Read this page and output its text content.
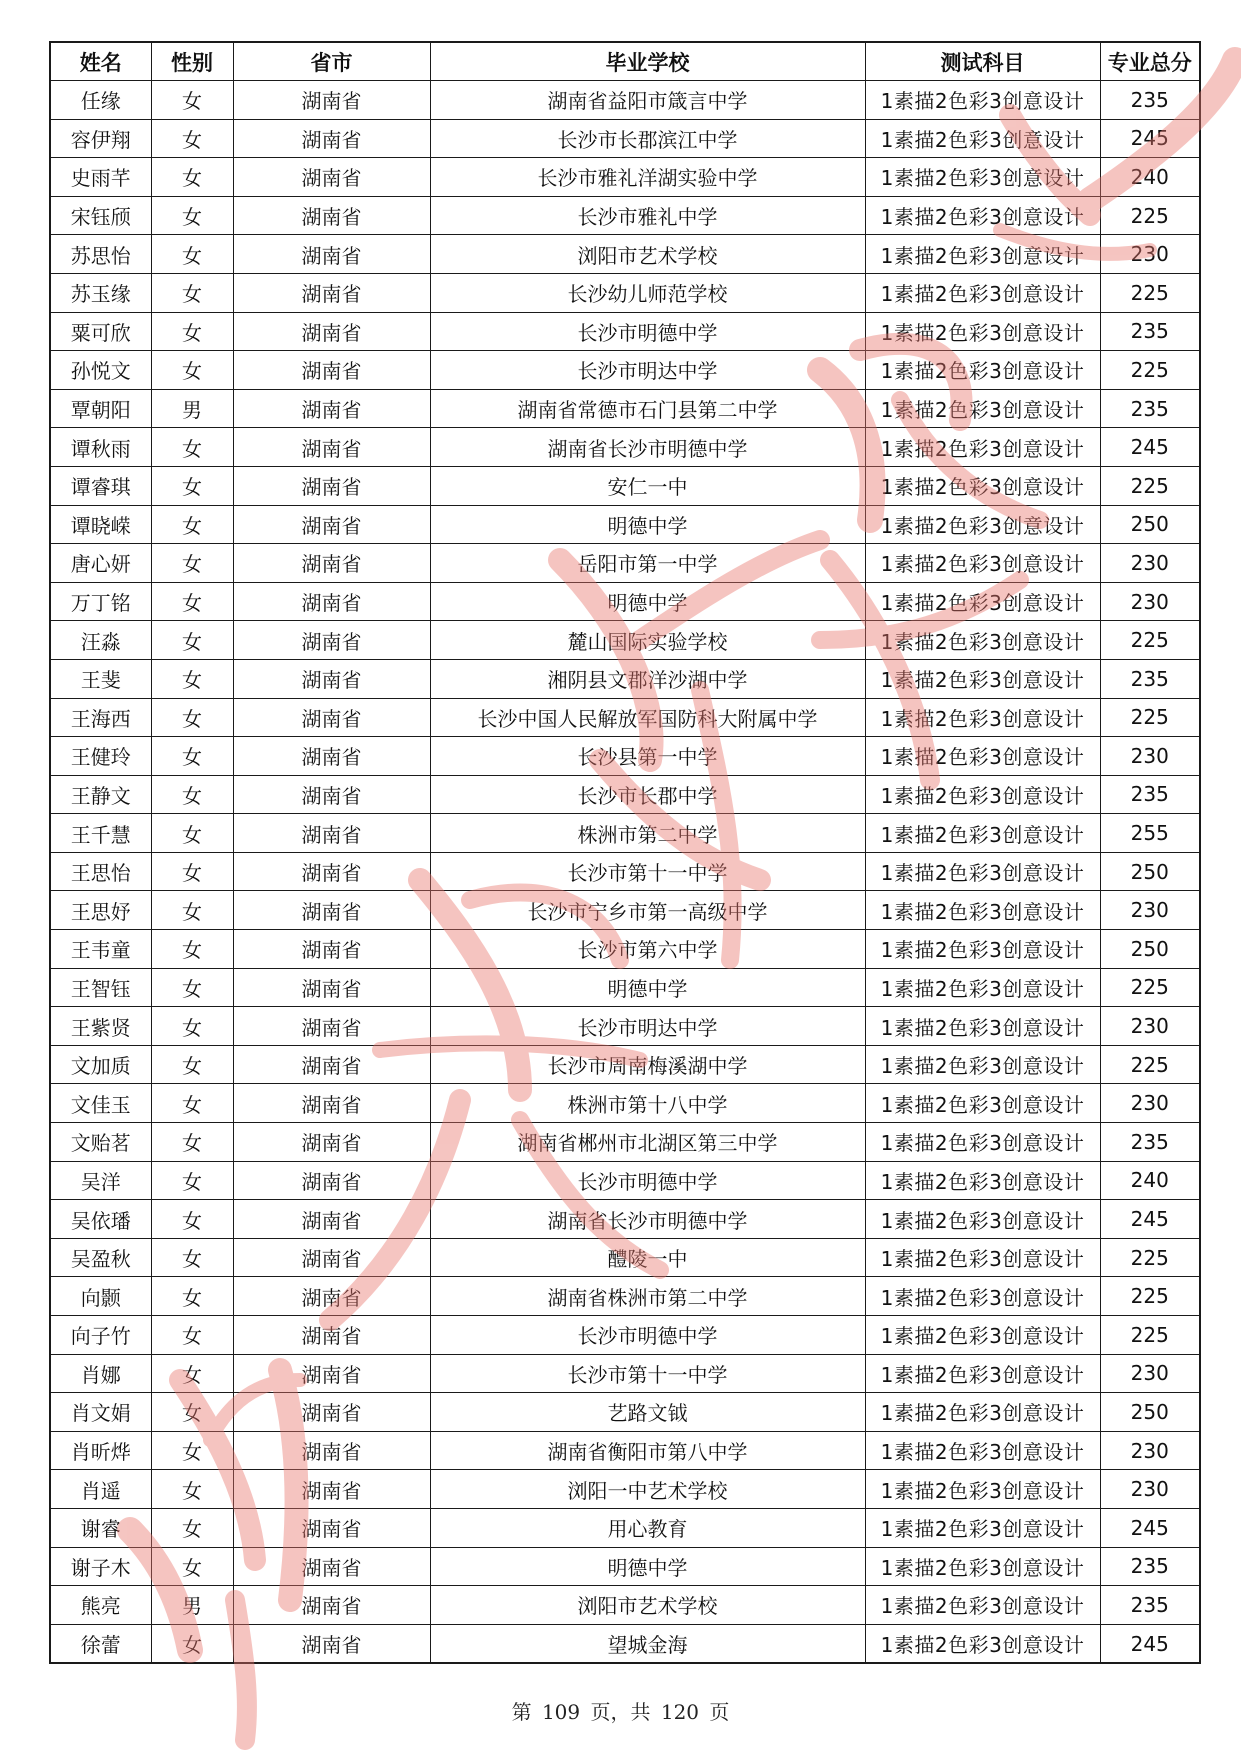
姓名	性别	省市	毕业学校	测试科目	专业总分
任缘	女	湖南省	湖南省益阳市箴言中学	1素描2色彩3创意设计	235
容伊翔	女	湖南省	长沙市长郡滨江中学	1素描2色彩3创意设计	245
史雨芊	女	湖南省	长沙市雅礼洋湖实验中学	1素描2色彩3创意设计	240
宋钰颀	女	湖南省	长沙市雅礼中学	1素描2色彩3创意设计	225
苏思怡	女	湖南省	浏阳市艺术学校	1素描2色彩3创意设计	230
苏玉缘	女	湖南省	长沙幼儿师范学校	1素描2色彩3创意设计	225
粟可欣	女	湖南省	长沙市明德中学	1素描2色彩3创意设计	235
孙悦文	女	湖南省	长沙市明达中学	1素描2色彩3创意设计	225
覃朝阳	男	湖南省	湖南省常德市石门县第二中学	1素描2色彩3创意设计	235
谭秋雨	女	湖南省	湖南省长沙市明德中学	1素描2色彩3创意设计	245
谭睿琪	女	湖南省	安仁一中	1素描2色彩3创意设计	225
谭晓嵘	女	湖南省	明德中学	1素描2色彩3创意设计	250
唐心妍	女	湖南省	岳阳市第一中学	1素描2色彩3创意设计	230
万丁铭	女	湖南省	明德中学	1素描2色彩3创意设计	230
汪淼	女	湖南省	麓山国际实验学校	1素描2色彩3创意设计	225
王斐	女	湖南省	湘阴县文郡洋沙湖中学	1素描2色彩3创意设计	235
王海西	女	湖南省	长沙中国人民解放军国防科大附属中学	1素描2色彩3创意设计	225
王健玲	女	湖南省	长沙县第一中学	1素描2色彩3创意设计	230
王静文	女	湖南省	长沙市长郡中学	1素描2色彩3创意设计	235
王千慧	女	湖南省	株洲市第二中学	1素描2色彩3创意设计	255
王思怡	女	湖南省	长沙市第十一中学	1素描2色彩3创意设计	250
王思妤	女	湖南省	长沙市宁乡市第一高级中学	1素描2色彩3创意设计	230
王韦童	女	湖南省	长沙市第六中学	1素描2色彩3创意设计	250
王智钰	女	湖南省	明德中学	1素描2色彩3创意设计	225
王紫贤	女	湖南省	长沙市明达中学	1素描2色彩3创意设计	230
文加质	女	湖南省	长沙市周南梅溪湖中学	1素描2色彩3创意设计	225
文佳玉	女	湖南省	株洲市第十八中学	1素描2色彩3创意设计	230
文贻茗	女	湖南省	湖南省郴州市北湖区第三中学	1素描2色彩3创意设计	235
吴洋	女	湖南省	长沙市明德中学	1素描2色彩3创意设计	240
吴依璠	女	湖南省	湖南省长沙市明德中学	1素描2色彩3创意设计	245
吴盈秋	女	湖南省	醴陵一中	1素描2色彩3创意设计	225
向颢	女	湖南省	湖南省株洲市第二中学	1素描2色彩3创意设计	225
向子竹	女	湖南省	长沙市明德中学	1素描2色彩3创意设计	225
肖娜	女	湖南省	长沙市第十一中学	1素描2色彩3创意设计	230
肖文娟	女	湖南省	艺路文钺	1素描2色彩3创意设计	250
肖昕烨	女	湖南省	湖南省衡阳市第八中学	1素描2色彩3创意设计	230
肖遥	女	湖南省	浏阳一中艺术学校	1素描2色彩3创意设计	230
谢睿	女	湖南省	用心教育	1素描2色彩3创意设计	245
谢子木	女	湖南省	明德中学	1素描2色彩3创意设计	235
熊亮	男	湖南省	浏阳市艺术学校	1素描2色彩3创意设计	235
徐蕾	女	湖南省	望城金海	1素描2色彩3创意设计	245
第 109 页，共 120 页
